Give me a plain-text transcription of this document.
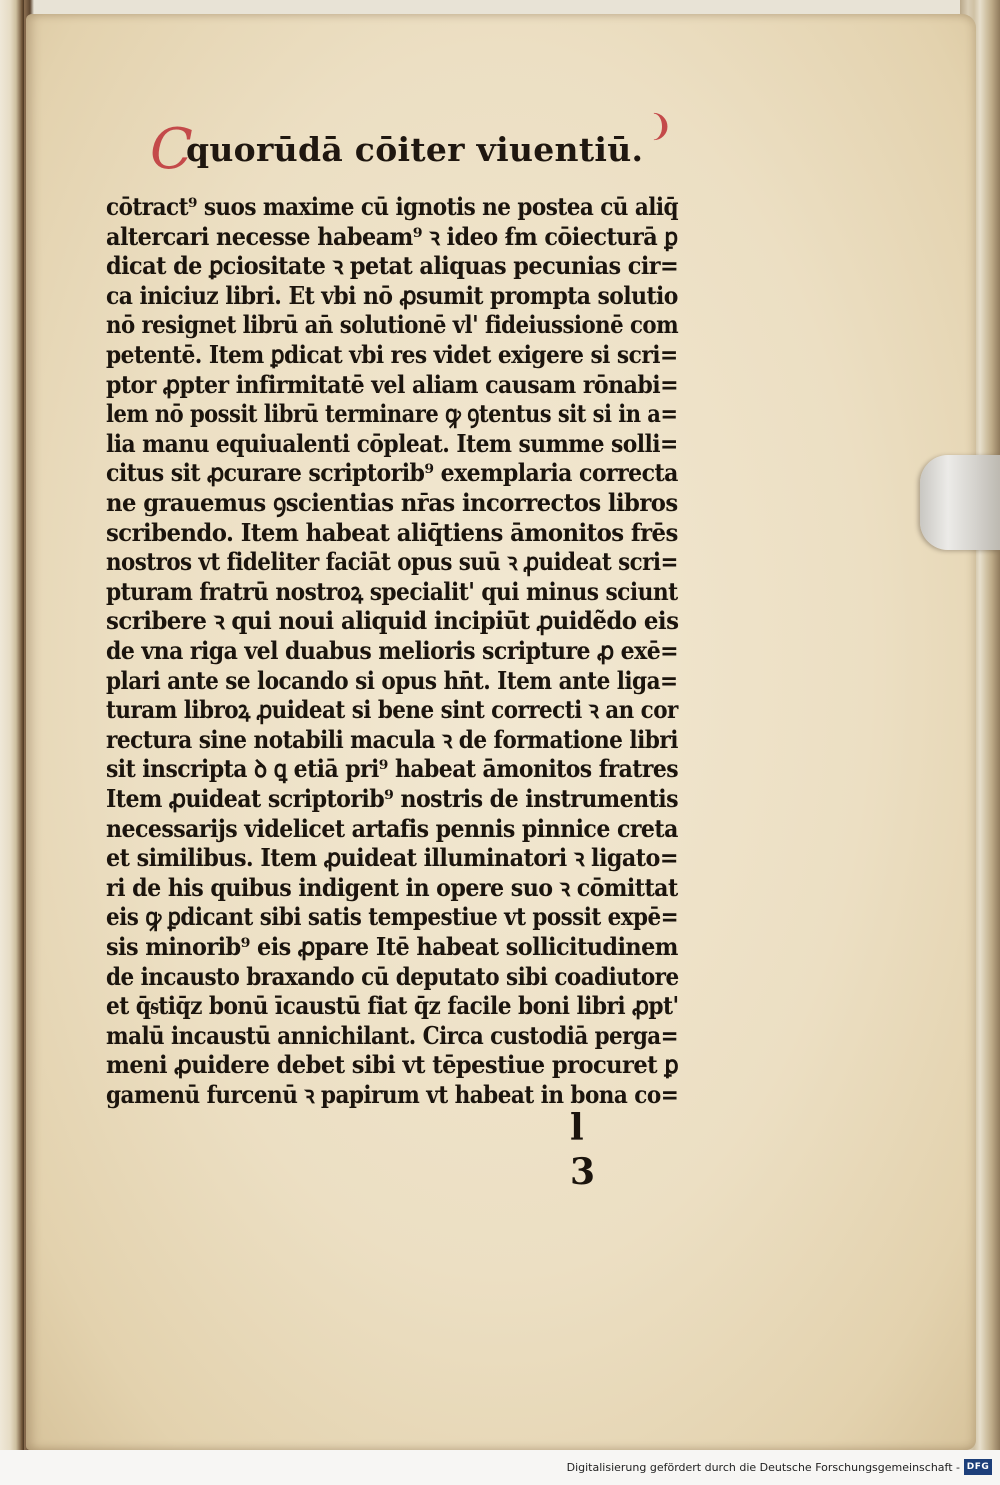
C
quorūdā cōiter viuentiū.
❩
cōtract⁹ suos maxime cū ignotis ne postea cū aliq̄
altercari necesse habeam⁹ ꝛ ideo ẜm cōiecturā ꝑ
dicat de ꝑciositate ꝛ petat aliquas pecunias cir=
ca iniciuz libri. Et vbi nō ꝓsumit prompta solutio
nō resignet librū an̄ solutionē vl' fideiussionē com
petentē. Item ꝑdicat vbi res videt exigere si scri=
ptor ꝓpter infirmitatē vel aliam causam rōnabi=
lem nō possit librū terminare ꝙ ꝯtentus sit si in a=
lia manu equiualenti cōpleat. Item summe solli=
citus sit ꝓcurare scriptorib⁹ exemplaria correcta
ne grauemus ꝯscientias nr̄as incorrectos libros
scribendo. Item habeat aliq̄tiens āmonitos frēs
nostros vt fideliter faciāt opus suū ꝛ ꝓuideat scri=
pturam fratrū nostroꝝ specialit' qui minus sciunt
scribere ꝛ qui noui aliquid incipiūt ꝓuidẽdo eis
de vna riga vel duabus melioris scripture ꝓ exē=
plari ante se locando si opus hn̄t. Item ante liga=
turam libroꝝ ꝓuideat si bene sint correcti ꝛ an cor
rectura sine notabili macula ꝛ de formatione libri
sit inscripta ꝺ ꝗ etiā pri⁹ habeat āmonitos fratres
Item ꝓuideat scriptorib⁹ nostris de instrumentis
necessarijs videlicet artafis pennis pinnice creta
et similibus. Item ꝓuideat illuminatori ꝛ ligato=
ri de his quibus indigent in opere suo ꝛ cōmittat
eis ꝙ ꝑdicant sibi satis tempestiue vt possit expē=
sis minorib⁹ eis ꝓpare Itē habeat sollicitudinem
de incausto braxando cū deputato sibi coadiutore
et q̄ᵴtiq̄z bonū īcaustū fiat q̄z facile boni libri ꝓpt'
malū incaustū annichilant. Circa custodiā perga=
meni ꝓuidere debet sibi vt tēpestiue procuret ꝑ
gamenū furcenū ꝛ papirum vt habeat in bona co=
l 3
Digitalisierung gefördert durch die Deutsche Forschungsgemeinschaft - DFG
